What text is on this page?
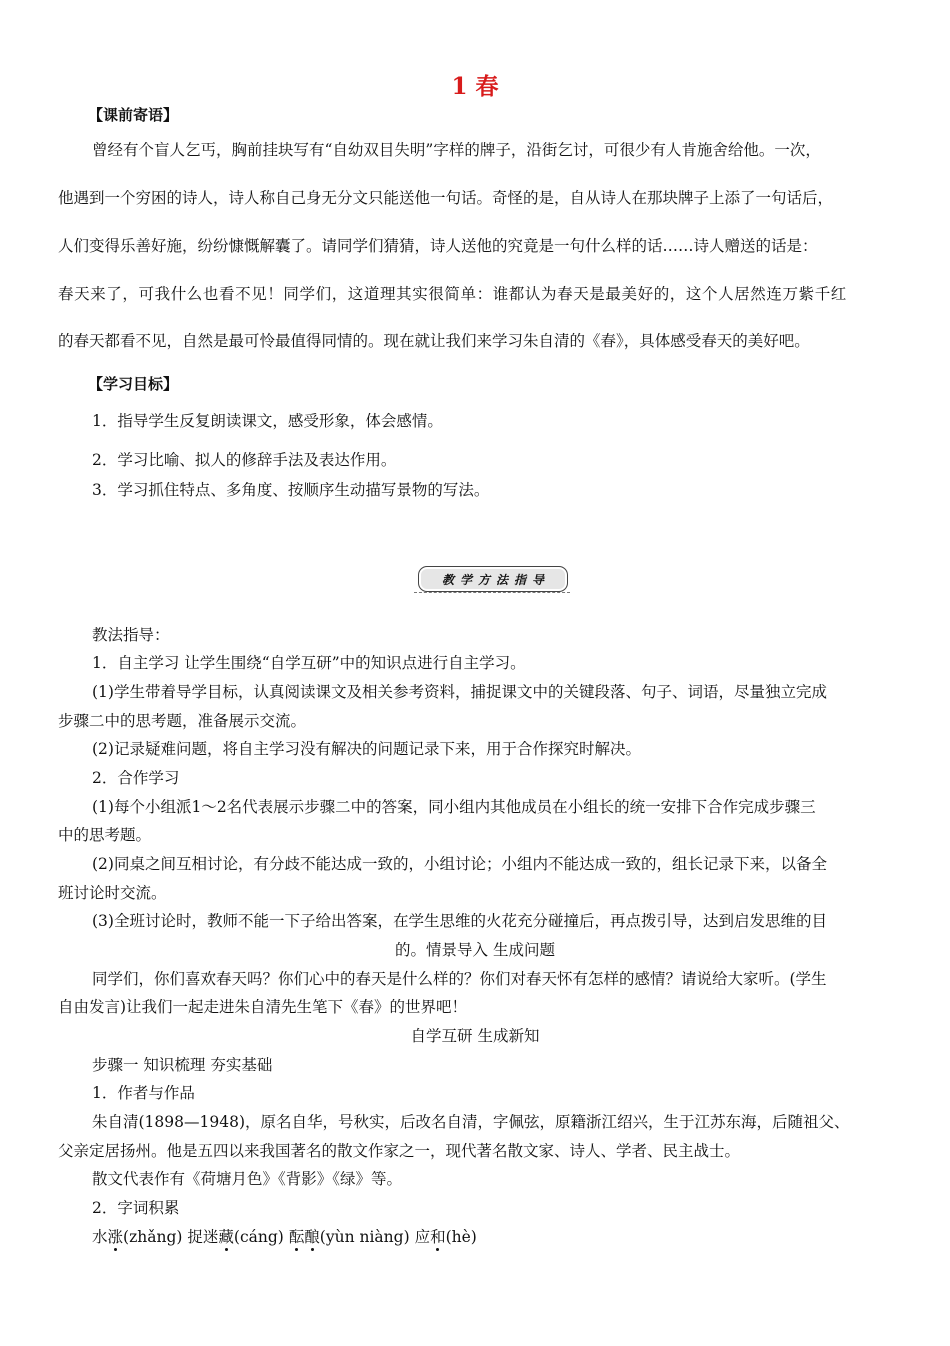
1 春
【课前寄语】
曾经有个盲人乞丐，胸前挂块写有“自幼双目失明”字样的牌子，沿街乞讨，可很少有人肯施舍给他。一次，
他遇到一个穷困的诗人，诗人称自己身无分文只能送他一句话。奇怪的是，自从诗人在那块牌子上添了一句话后，
人们变得乐善好施，纷纷慷慨解囊了。请同学们猜猜，诗人送他的究竟是一句什么样的话……诗人赠送的话是：
春天来了，可我什么也看不见！同学们，这道理其实很简单：谁都认为春天是最美好的，这个人居然连万紫千红
的春天都看不见，自然是最可怜最值得同情的。现在就让我们来学习朱自清的《春》，具体感受春天的美好吧。
【学习目标】
1．指导学生反复朗读课文，感受形象，体会感情。
2．学习比喻、拟人的修辞手法及表达作用。
3．学习抓住特点、多角度、按顺序生动描写景物的写法。
教学方法指导
教法指导：
1．自主学习 让学生围绕“自学互研”中的知识点进行自主学习。
(1)学生带着导学目标，认真阅读课文及相关参考资料，捕捉课文中的关键段落、句子、词语，尽量独立完成
步骤二中的思考题，准备展示交流。
(2)记录疑难问题，将自主学习没有解决的问题记录下来，用于合作探究时解决。
2．合作学习
(1)每个小组派1～2名代表展示步骤二中的答案，同小组内其他成员在小组长的统一安排下合作完成步骤三
中的思考题。
(2)同桌之间互相讨论，有分歧不能达成一致的，小组讨论；小组内不能达成一致的，组长记录下来，以备全
班讨论时交流。
(3)全班讨论时，教师不能一下子给出答案，在学生思维的火花充分碰撞后，再点拨引导，达到启发思维的目
的。情景导入 生成问题
同学们，你们喜欢春天吗？你们心中的春天是什么样的？你们对春天怀有怎样的感情？请说给大家听。(学生
自由发言)让我们一起走进朱自清先生笔下《春》的世界吧！
自学互研 生成新知
步骤一 知识梳理 夯实基础
1．作者与作品
朱自清(1898—1948)，原名自华，号秋实，后改名自清，字佩弦，原籍浙江绍兴，生于江苏东海，后随祖父、
父亲定居扬州。他是五四以来我国著名的散文作家之一，现代著名散文家、诗人、学者、民主战士。
散文代表作有《荷塘月色》《背影》《绿》等。
2．字词积累
水涨(zhǎng) 捉迷藏(cáng) 酝酿(yùn niàng) 应和(hè)
